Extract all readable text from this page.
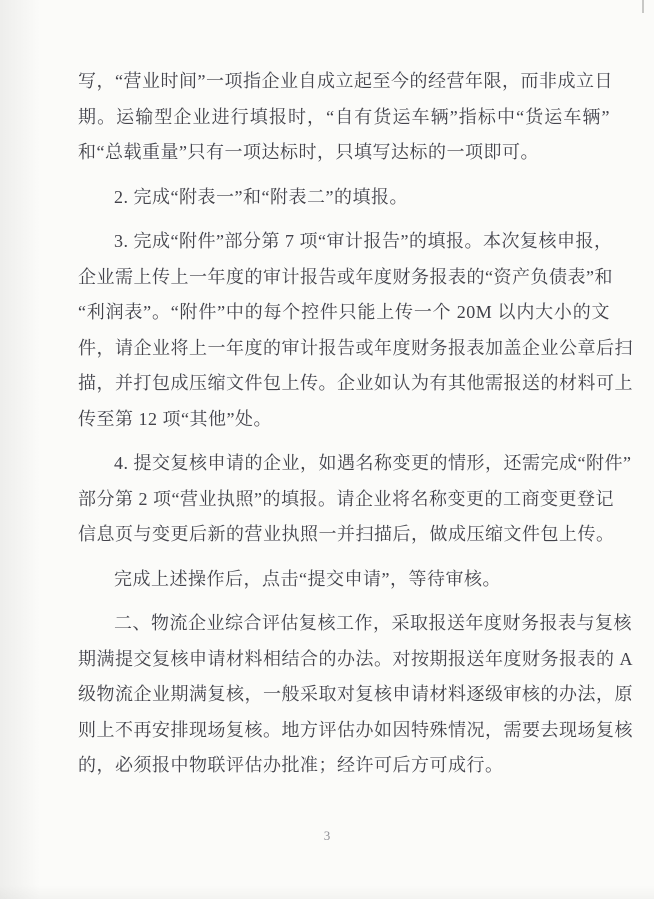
写，“营业时间”一项指企业自成立起至今的经营年限，而非成立日
期。运输型企业进行填报时，“自有货运车辆”指标中“货运车辆”
和“总载重量”只有一项达标时，只填写达标的一项即可。

2. 完成“附表一”和“附表二”的填报。

3. 完成“附件”部分第 7 项“审计报告”的填报。本次复核申报，
企业需上传上一年度的审计报告或年度财务报表的“资产负债表”和
“利润表”。“附件”中的每个控件只能上传一个 20M 以内大小的文
件，请企业将上一年度的审计报告或年度财务报表加盖企业公章后扫
描，并打包成压缩文件包上传。企业如认为有其他需报送的材料可上
传至第 12 项“其他”处。

4. 提交复核申请的企业，如遇名称变更的情形，还需完成“附件”
部分第 2 项“营业执照”的填报。请企业将名称变更的工商变更登记
信息页与变更后新的营业执照一并扫描后，做成压缩文件包上传。

完成上述操作后，点击“提交申请”，等待审核。

二、物流企业综合评估复核工作，采取报送年度财务报表与复核
期满提交复核申请材料相结合的办法。对按期报送年度财务报表的 A
级物流企业期满复核，一般采取对复核申请材料逐级审核的办法，原
则上不再安排现场复核。地方评估办如因特殊情况，需要去现场复核
的，必须报中物联评估办批准；经许可后方可成行。

3
